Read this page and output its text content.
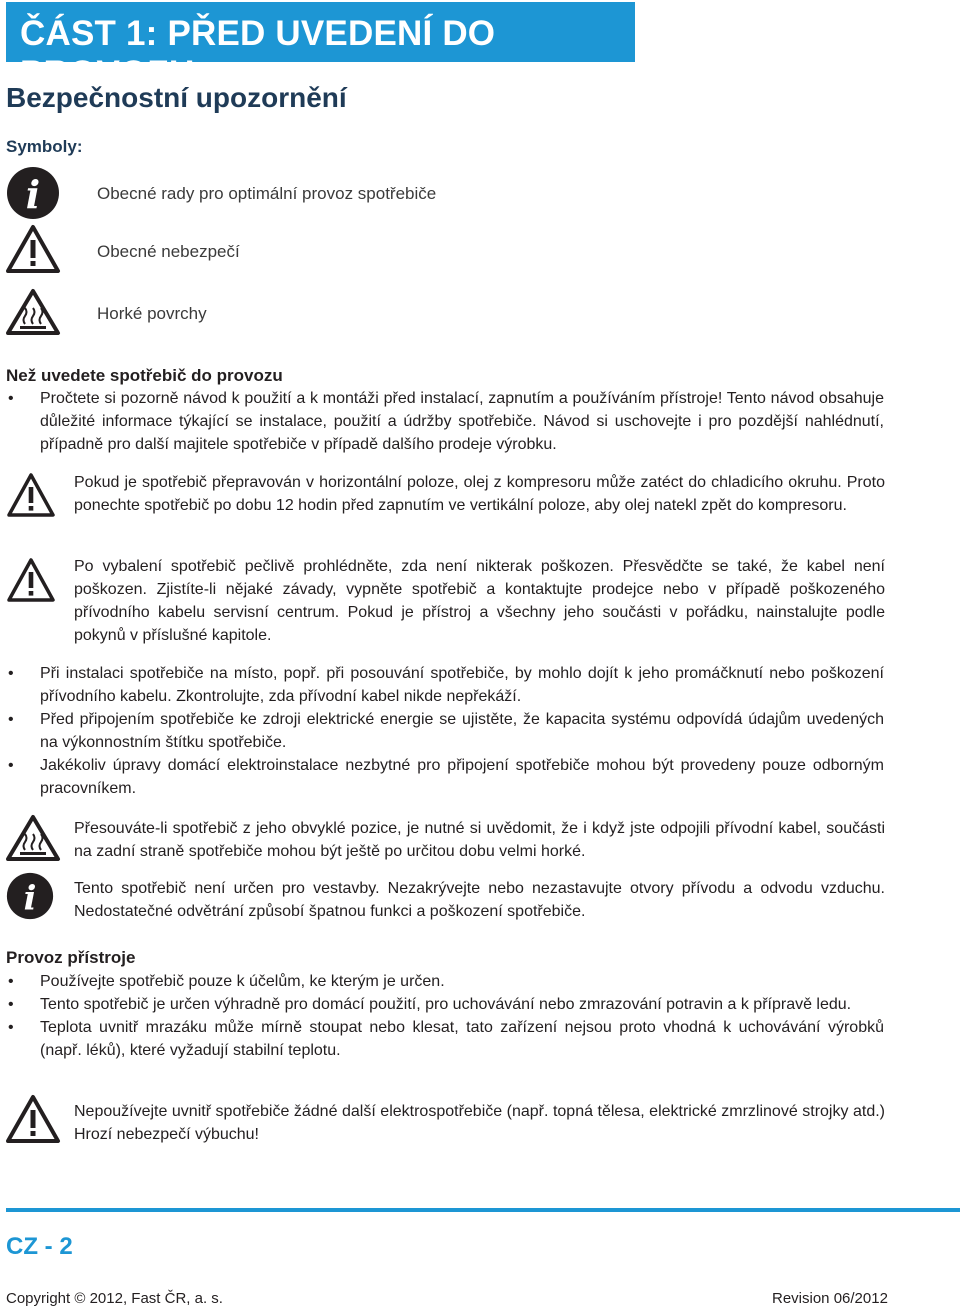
ČÁST 1: PŘED UVEDENÍ DO PROVOZU
Bezpečnostní upozornění
Symboly:
i	Obecné rady pro optimální provoz spotřebiče
Obecné nebezpečí
Horké povrchy
Než uvedete spotřebič do provozu
• Pročtete si pozorně návod k použití a k montáži před instalací, zapnutím a používáním přístroje! Tento návod obsahuje důležité informace týkající se instalace, použití a údržby spotřebiče. Návod si uschovejte i pro pozdější nahlédnutí, případně pro další majitele spotřebiče v případě dalšího prodeje výrobku.
Pokud je spotřebič přepravován v horizontální poloze, olej z kompresoru může zatéct do chladicího okruhu. Proto ponechte spotřebič po dobu 12 hodin před zapnutím ve vertikální poloze, aby olej natekl zpět do kompresoru.
Po vybalení spotřebič pečlivě prohlédněte, zda není nikterak poškozen. Přesvědčte se také, že kabel není poškozen. Zjistíte-li nějaké závady, vypněte spotřebič a kontaktujte prodejce nebo v případě poškozeného přívodního kabelu servisní centrum. Pokud je přístroj a všechny jeho součásti v pořádku, nainstalujte podle pokynů v příslušné kapitole.
• Při instalaci spotřebiče na místo, popř. při posouvání spotřebiče, by mohlo dojít k jeho promáčknutí nebo poškození přívodního kabelu. Zkontrolujte, zda přívodní kabel nikde nepřekáží.
• Před připojením spotřebiče ke zdroji elektrické energie se ujistěte, že kapacita systému odpovídá údajům uvedených na výkonnostním štítku spotřebiče.
• Jakékoliv úpravy domácí elektroinstalace nezbytné pro připojení spotřebiče mohou být provedeny pouze odborným pracovníkem.
Přesouváte-li spotřebič z jeho obvyklé pozice, je nutné si uvědomit, že i když jste odpojili přívodní kabel, součásti na zadní straně spotřebiče mohou být ještě po určitou dobu velmi horké.
i Tento spotřebič není určen pro vestavby. Nezakrývejte nebo nezastavujte otvory přívodu a odvodu vzduchu. Nedostatečné odvětrání způsobí špatnou funkci a poškození spotřebiče.
Provoz přístroje
• Používejte spotřebič pouze k účelům, ke kterým je určen.
• Tento spotřebič je určen výhradně pro domácí použití, pro uchovávání nebo zmrazování potravin a k přípravě ledu.
• Teplota uvnitř mrazáku může mírně stoupat nebo klesat, tato zařízení nejsou proto vhodná k uchovávání výrobků (např. léků), které vyžadují stabilní teplotu.
Nepoužívejte uvnitř spotřebiče žádné další elektrospotřebiče (např. topná tělesa, elektrické zmrzlinové strojky atd.) Hrozí nebezpečí výbuchu!
CZ - 2
Copyright © 2012, Fast ČR, a. s.	Revision 06/2012
